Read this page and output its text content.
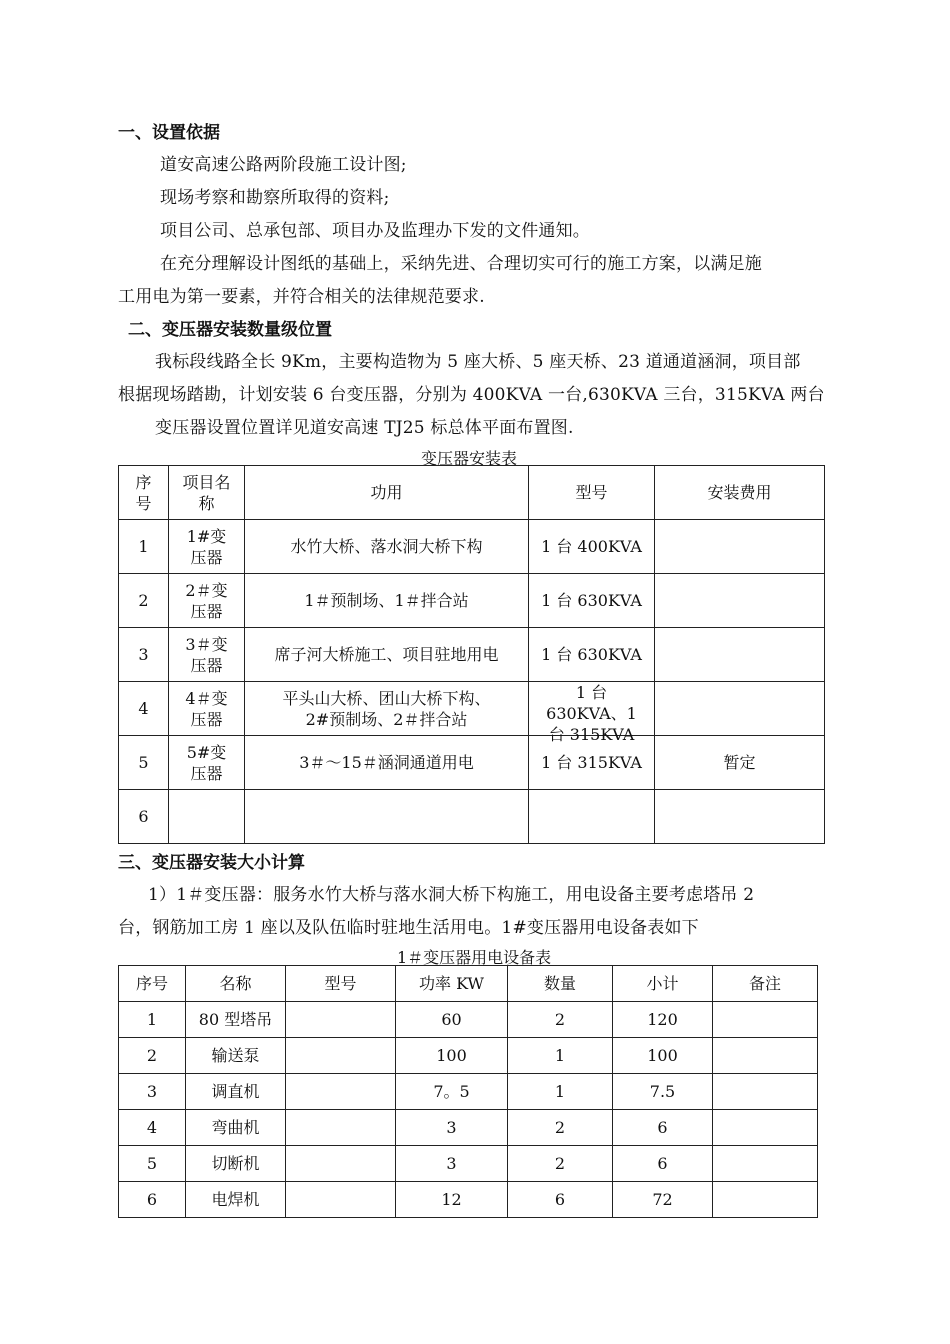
一、设置依据
道安高速公路两阶段施工设计图;
现场考察和勘察所取得的资料;
项目公司、总承包部、项目办及监理办下发的文件通知。
在充分理解设计图纸的基础上，采纳先进、合理切实可行的施工方案，以满足施
工用电为第一要素，并符合相关的法律规范要求.
二、变压器安装数量级位置
我标段线路全长 9Km，主要构造物为 5 座大桥、5 座天桥、23 道通道涵洞，项目部
根据现场踏勘，计划安装 6 台变压器，分别为 400KVA 一台,630KVA 三台，315KVA 两台
变压器设置位置详见道安高速 TJ25 标总体平面布置图.
变压器安装表
序号	项目名称	功用	型号	安装费用
1	1#变压器	水竹大桥、落水洞大桥下构	1 台 400KVA	
2	2＃变压器	1＃预制场、1＃拌合站	1 台 630KVA	
3	3＃变压器	席子河大桥施工、项目驻地用电	1 台 630KVA	
4	4＃变压器	平头山大桥、团山大桥下构、2#预制场、2＃拌合站	1 台 630KVA、1 台 315KVA	

5	5#变压器	3＃～15＃涵洞通道用电	1 台 315KVA	暂定
6				
三、变压器安装大小计算
1）1＃变压器：服务水竹大桥与落水洞大桥下构施工，用电设备主要考虑塔吊 2
台，钢筋加工房 1 座以及队伍临时驻地生活用电。1#变压器用电设备表如下
1＃变压器用电设备表
序号	名称	型号	功率 KW	数量	小计	备注
1	80 型塔吊		60	2	120	
2	输送泵		100	1	100	
3	调直机		7。5	1	7.5	
4	弯曲机		3	2	6	
5	切断机		3	2	6	
6	电焊机		12	6	72	
